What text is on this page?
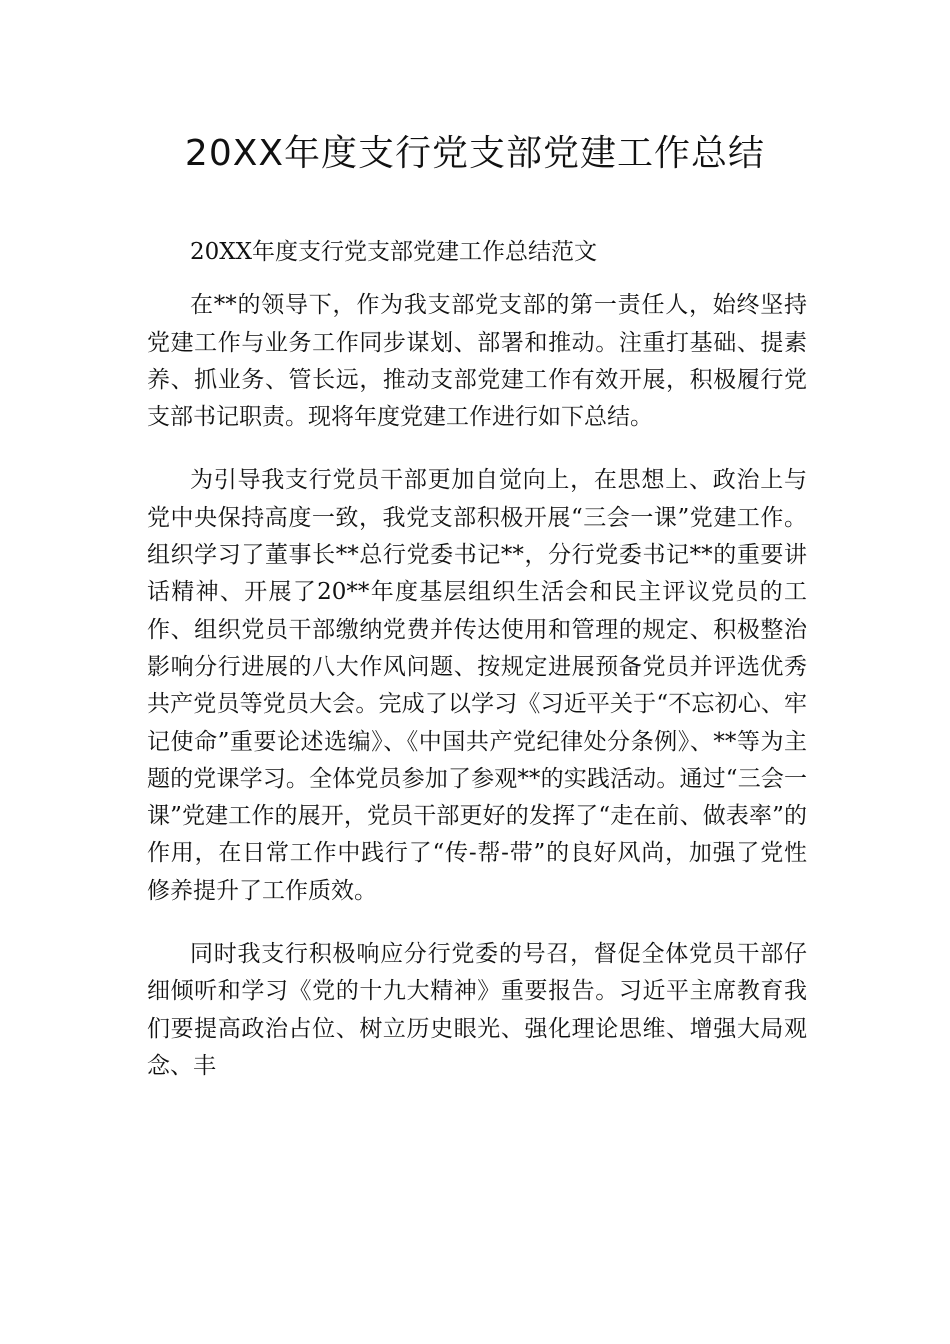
20XX年度支行党支部党建工作总结

20XX年度支行党支部党建工作总结范文

在**的领导下，作为我支部党支部的第一责任人，始终坚持党建工作与业务工作同步谋划、部署和推动。注重打基础、提素养、抓业务、管长远，推动支部党建工作有效开展，积极履行党支部书记职责。现将年度党建工作进行如下总结。

为引导我支行党员干部更加自觉向上，在思想上、政治上与党中央保持高度一致，我党支部积极开展“三会一课”党建工作。组织学习了董事长**总行党委书记**，分行党委书记**的重要讲话精神、开展了20**年度基层组织生活会和民主评议党员的工作、组织党员干部缴纳党费并传达使用和管理的规定、积极整治影响分行进展的八大作风问题、按规定进展预备党员并评选优秀共产党员等党员大会。完成了以学习《习近平关于“不忘初心、牢记使命”重要论述选编》、《中国共产党纪律处分条例》、**等为主题的党课学习。全体党员参加了参观**的实践活动。通过“三会一课”党建工作的展开，党员干部更好的发挥了“走在前、做表率”的作用，在日常工作中践行了“传-帮-带”的良好风尚，加强了党性修养提升了工作质效。

同时我支行积极响应分行党委的号召，督促全体党员干部仔细倾听和学习《党的十九大精神》重要报告。习近平主席教育我们要提高政治占位、树立历史眼光、强化理论思维、增强大局观念、丰
